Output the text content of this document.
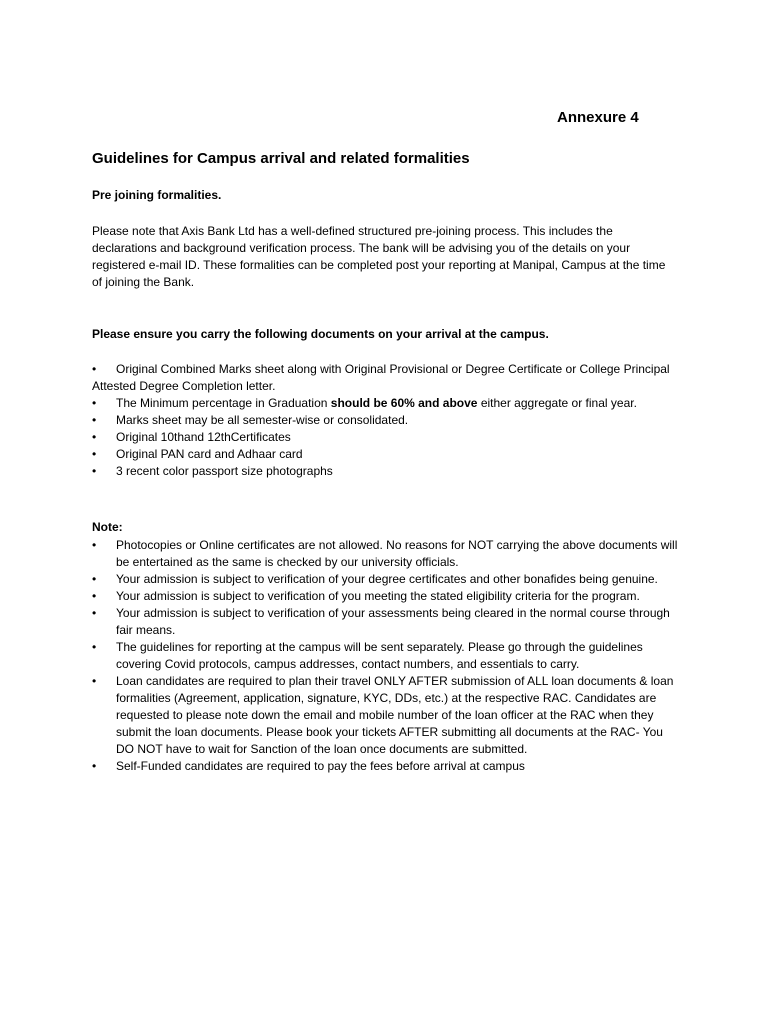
Annexure 4
Guidelines for Campus arrival and related formalities
Pre joining formalities.
Please note that Axis Bank Ltd has a well-defined structured pre-joining process. This includes the declarations and background verification process. The bank will be advising you of the details on your registered e-mail ID. These formalities can be completed post your reporting at Manipal, Campus at the time of joining the Bank.
Please ensure you carry the following documents on your arrival at the campus.

• Original Combined Marks sheet along with Original Provisional or Degree Certificate or College Principal Attested Degree Completion letter.

•	The Minimum percentage in Graduation should be 60% and above either aggregate or final year.

•	Marks sheet may be all semester-wise or consolidated.

•	Original 10thand 12thCertificates

•	Original PAN card and Adhaar card

•	3 recent color passport size photographs

Note:

•	Photocopies or Online certificates are not allowed. No reasons for NOT carrying the above documents will be entertained as the same is checked by our university officials.

•	Your admission is subject to verification of your degree certificates and other bonafides being genuine.

•	Your admission is subject to verification of you meeting the stated eligibility criteria for the program.

•	Your admission is subject to verification of your assessments being cleared in the normal course through fair means.

•	The guidelines for reporting at the campus will be sent separately. Please go through the guidelines covering Covid protocols, campus addresses, contact numbers, and essentials to carry.

•	Loan candidates are required to plan their travel ONLY AFTER submission of ALL loan documents & loan formalities (Agreement, application, signature, KYC, DDs, etc.) at the respective RAC. Candidates are requested to please note down the email and mobile number of the loan officer at the RAC when they submit the loan documents. Please book your tickets AFTER submitting all documents at the RAC- You DO NOT have to wait for Sanction of the loan once documents are submitted.

•	Self-Funded candidates are required to pay the fees before arrival at campus
